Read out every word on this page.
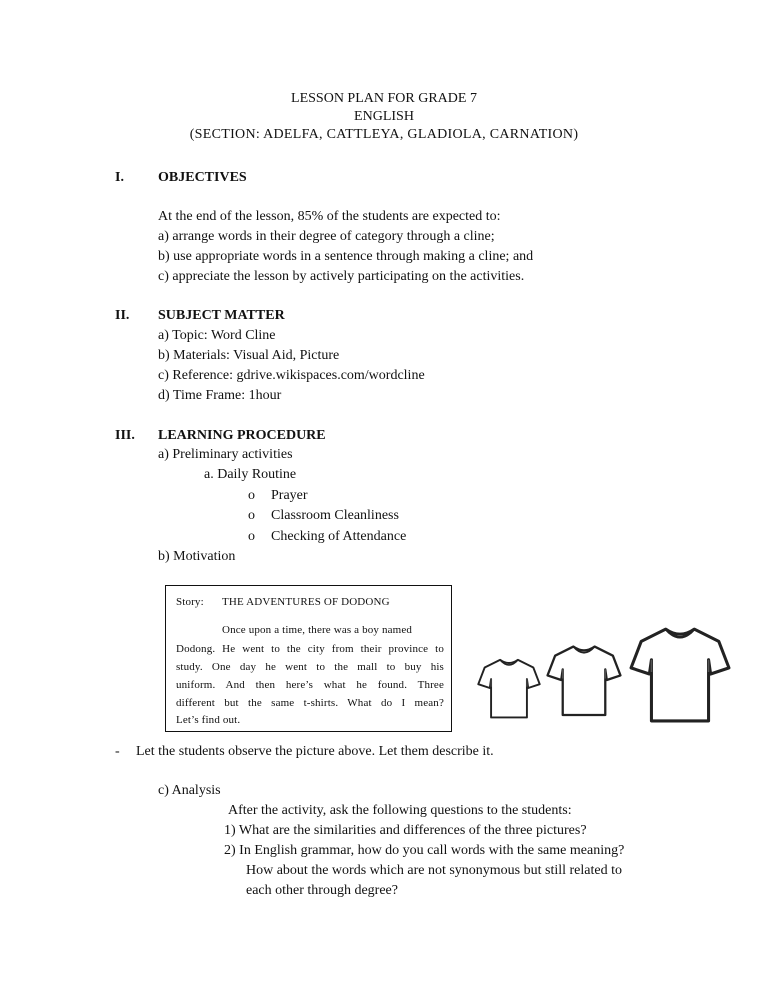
LESSON PLAN FOR GRADE 7
ENGLISH
(SECTION: ADELFA, CATTLEYA, GLADIOLA, CARNATION)
I. OBJECTIVES
At the end of the lesson, 85% of the students are expected to:
a) arrange words in their degree of category through a cline;
b) use appropriate words in a sentence through making a cline; and
c) appreciate the lesson by actively participating on the activities.
II. SUBJECT MATTER
a) Topic: Word Cline
b) Materials: Visual Aid, Picture
c) Reference: gdrive.wikispaces.com/wordcline
d) Time Frame: 1hour
III. LEARNING PROCEDURE
a) Preliminary activities
a. Daily Routine
o Prayer
o Classroom Cleanliness
o Checking of Attendance
b) Motivation
Story: THE ADVENTURES OF DODONG
Once upon a time, there was a boy named
Dodong. He went to the city from their province to
study. One day he went to the mall to buy his
uniform. And then here’s what he found. Three
different but the same t-shirts. What do I mean?
Let’s find out.
- Let the students observe the picture above. Let them describe it.
c) Analysis
After the activity, ask the following questions to the students:
1) What are the similarities and differences of the three pictures?
2) In English grammar, how do you call words with the same meaning?
How about the words which are not synonymous but still related to
each other through degree?
